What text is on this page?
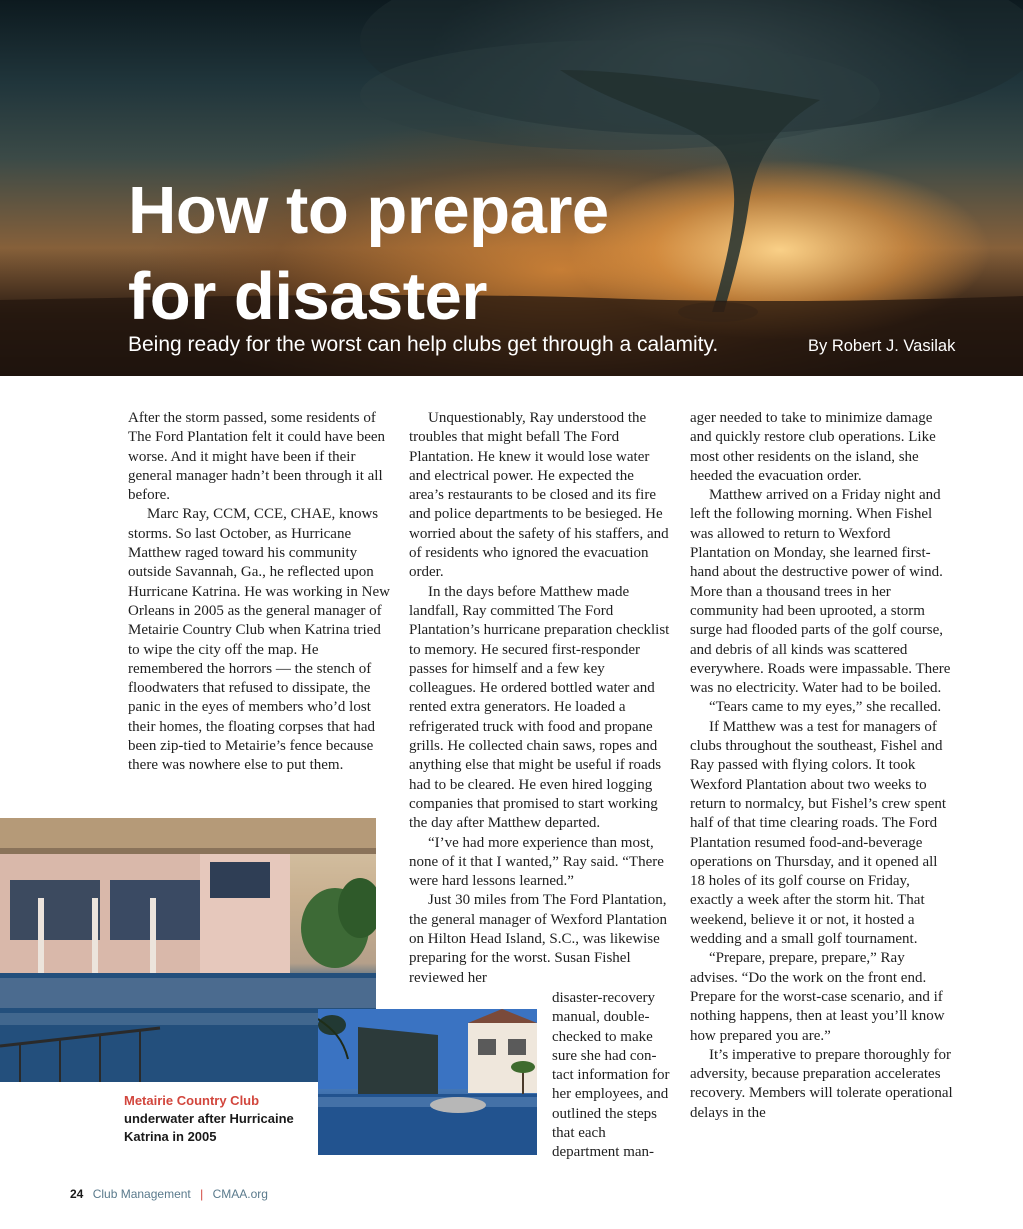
How to prepare
for disaster
Being ready for the worst can help clubs get through a calamity.	By Robert J. Vasilak

After the storm passed, some residents of The Ford Plantation felt it could have been worse. And it might have been if their general manager hadn’t been through it all before.

Marc Ray, CCM, CCE, CHAE, knows storms. So last October, as Hurricane Matthew raged toward his community outside Savannah, Ga., he reflected upon Hurricane Katrina. He was working in New Orleans in 2005 as the general manager of Metairie Country Club when Katrina tried to wipe the city off the map. He remembered the horrors — the stench of floodwaters that refused to dissipate, the panic in the eyes of members who’d lost their homes, the floating corpses that had been zip-tied to Metairie’s fence because there was nowhere else to put them.

Unquestionably, Ray understood the troubles that might befall The Ford Plantation. He knew it would lose water and electrical power. He expected the area’s restaurants to be closed and its fire and police departments to be besieged. He worried about the safety of his staffers, and of residents who ignored the evacuation order.

In the days before Matthew made landfall, Ray committed The Ford Plantation’s hurricane preparation checklist to memory. He secured first-responder passes for himself and a few key colleagues. He ordered bottled water and rented extra generators. He loaded a refrigerated truck with food and propane grills. He collected chain saws, ropes and anything else that might be useful if roads had to be cleared. He even hired logging companies that promised to start working the day after Matthew departed.

“I’ve had more experience than most, none of it that I wanted,” Ray said. “There were hard lessons learned.”

Just 30 miles from The Ford Plantation, the general manager of Wexford Plantation on Hilton Head Island, S.C., was likewise preparing for the worst. Susan Fishel reviewed her

disaster-recovery manual, double-checked to make sure she had con-tact information for her employees, and outlined the steps that each department man-

ager needed to take to minimize damage and quickly restore club operations. Like most other residents on the island, she heeded the evacuation order.

Matthew arrived on a Friday night and left the following morning. When Fishel was allowed to return to Wexford Plantation on Monday, she learned first-hand about the destructive power of wind. More than a thousand trees in her community had been uprooted, a storm surge had flooded parts of the golf course, and debris of all kinds was scattered everywhere. Roads were impassable. There was no electricity. Water had to be boiled.

“Tears came to my eyes,” she recalled.

If Matthew was a test for managers of clubs throughout the southeast, Fishel and Ray passed with flying colors. It took Wexford Plantation about two weeks to return to normalcy, but Fishel’s crew spent half of that time clearing roads. The Ford Plantation resumed food-and-beverage operations on Thursday, and it opened all 18 holes of its golf course on Friday, exactly a week after the storm hit. That weekend, believe it or not, it hosted a wedding and a small golf tournament.

“Prepare, prepare, prepare,” Ray advises. “Do the work on the front end. Prepare for the worst-case scenario, and if nothing happens, then at least you’ll know how prepared you are.”

It’s imperative to prepare thoroughly for adversity, because preparation accelerates recovery. Members will tolerate operational delays in the

Metairie Country Club
underwater after Hurricaine Katrina in 2005
24 Club Management | CMAA.org
